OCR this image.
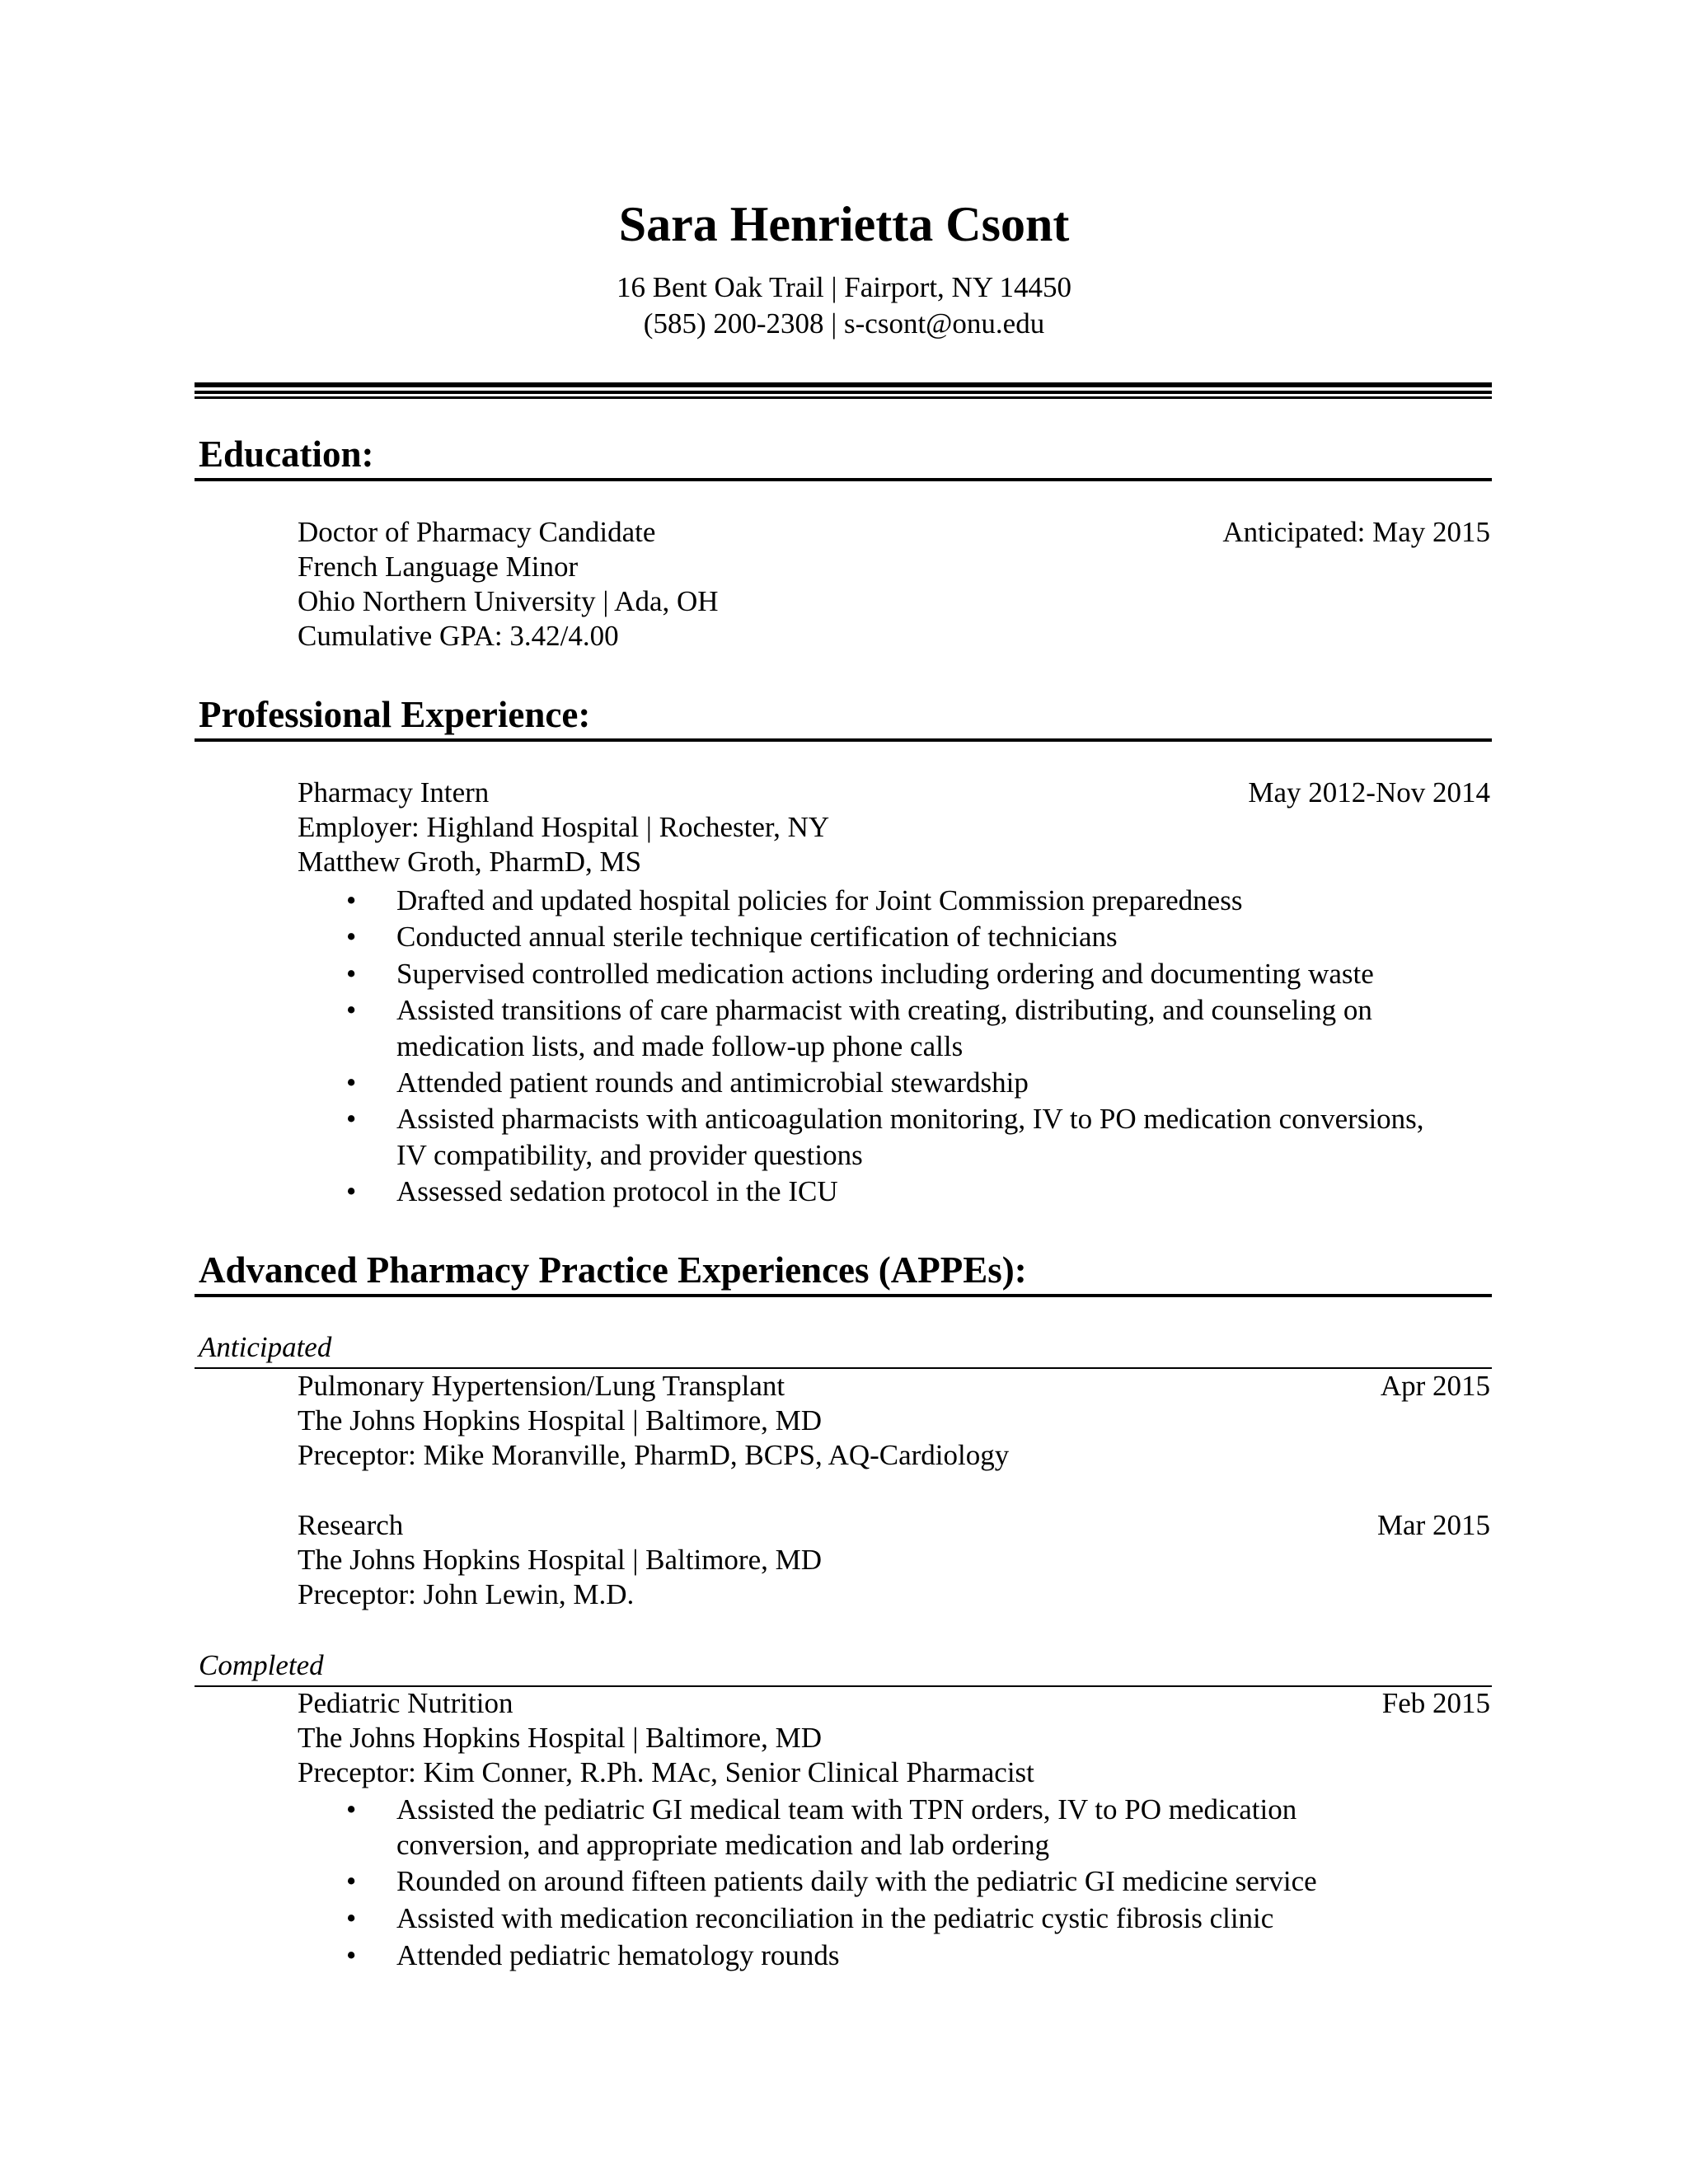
Sara Henrietta Csont
16 Bent Oak Trail | Fairport, NY 14450
(585) 200-2308 | s-csont@onu.edu
Education:
Doctor of Pharmacy Candidate	Anticipated: May 2015
French Language Minor
Ohio Northern University | Ada, OH
Cumulative GPA: 3.42/4.00
Professional Experience:
Pharmacy Intern	May 2012-Nov 2014
Employer: Highland Hospital | Rochester, NY
Matthew Groth, PharmD, MS
• Drafted and updated hospital policies for Joint Commission preparedness
• Conducted annual sterile technique certification of technicians
• Supervised controlled medication actions including ordering and documenting waste
• Assisted transitions of care pharmacist with creating, distributing, and counseling on
medication lists, and made follow-up phone calls
• Attended patient rounds and antimicrobial stewardship
• Assisted pharmacists with anticoagulation monitoring, IV to PO medication conversions,
IV compatibility, and provider questions
• Assessed sedation protocol in the ICU
Advanced Pharmacy Practice Experiences (APPEs):
Anticipated
Pulmonary Hypertension/Lung Transplant	Apr 2015
The Johns Hopkins Hospital | Baltimore, MD
Preceptor: Mike Moranville, PharmD, BCPS, AQ-Cardiology
Research	Mar 2015
The Johns Hopkins Hospital | Baltimore, MD
Preceptor: John Lewin, M.D.
Completed
Pediatric Nutrition	Feb 2015
The Johns Hopkins Hospital | Baltimore, MD
Preceptor: Kim Conner, R.Ph. MAc, Senior Clinical Pharmacist
• Assisted the pediatric GI medical team with TPN orders, IV to PO medication
conversion, and appropriate medication and lab ordering
• Rounded on around fifteen patients daily with the pediatric GI medicine service
• Assisted with medication reconciliation in the pediatric cystic fibrosis clinic
• Attended pediatric hematology rounds
